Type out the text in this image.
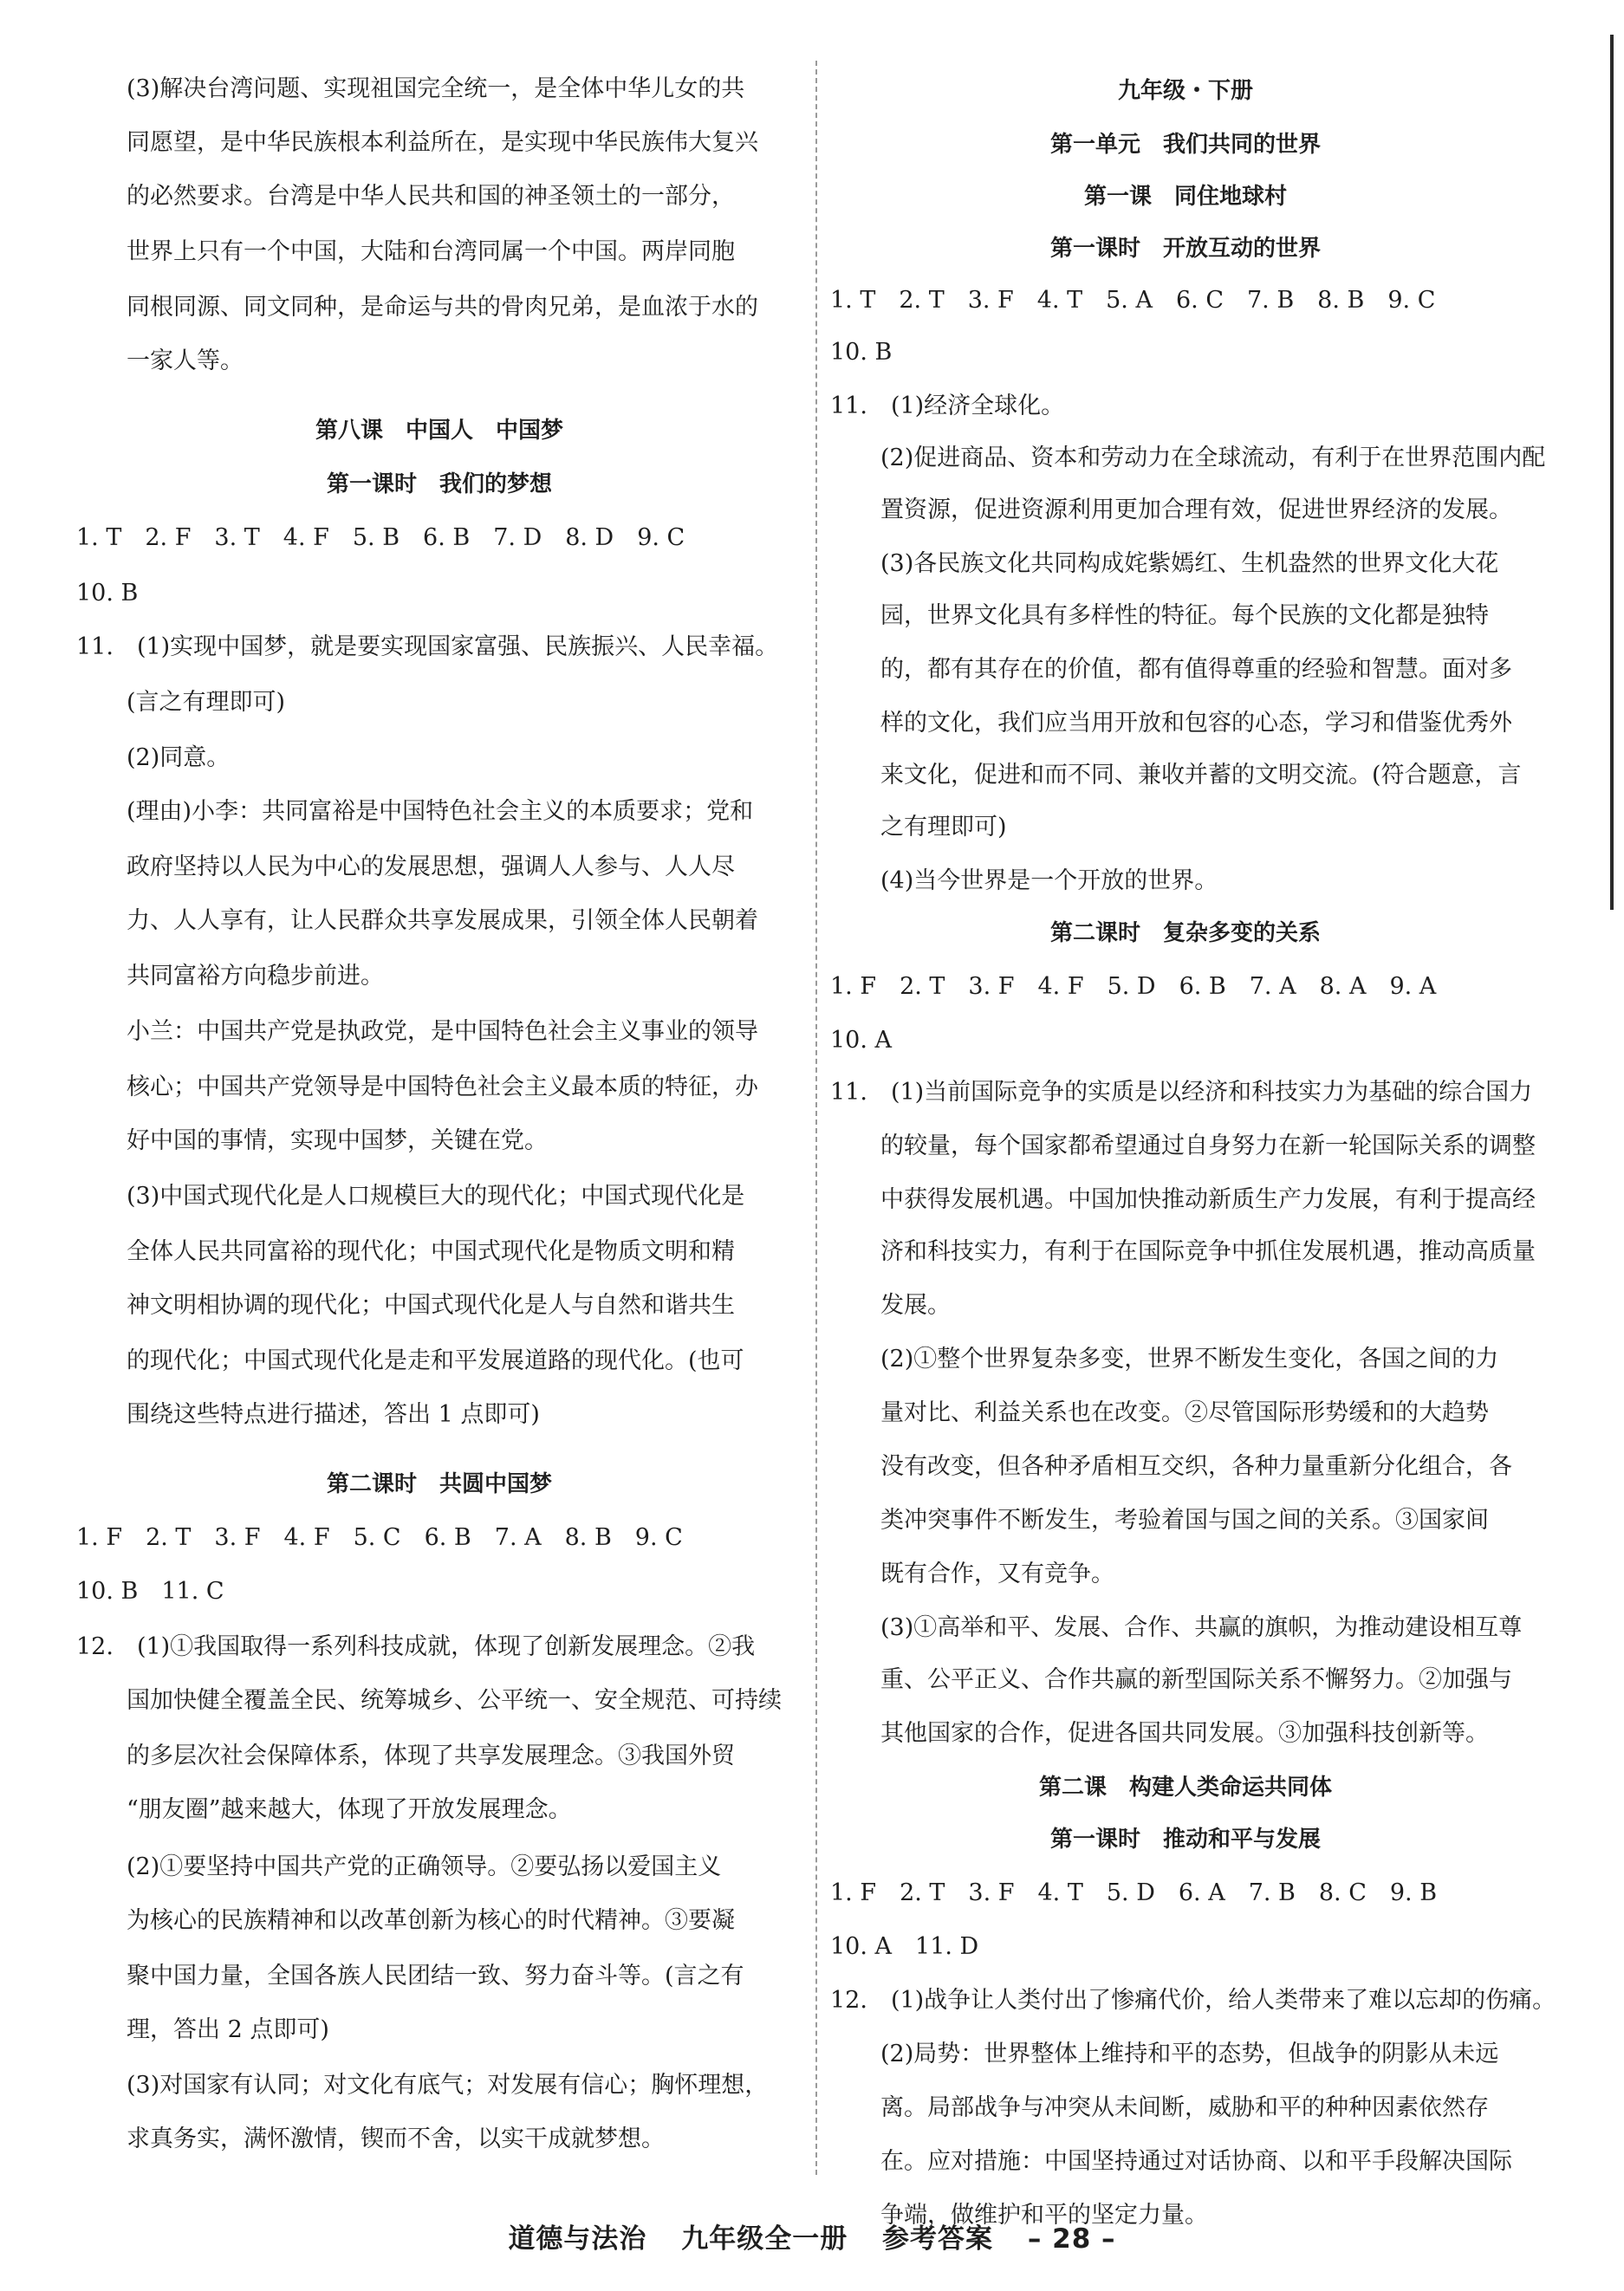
(3)解决台湾问题、实现祖国完全统一，是全体中华儿女的共
同愿望，是中华民族根本利益所在，是实现中华民族伟大复兴
的必然要求。台湾是中华人民共和国的神圣领土的一部分，
世界上只有一个中国，大陆和台湾同属一个中国。两岸同胞
同根同源、同文同种，是命运与共的骨肉兄弟，是血浓于水的
一家人等。
第八课　中国人　中国梦
第一课时　我们的梦想
1. T　2. F　3. T　4. F　5. B　6. B　7. D　8. D　9. C
10. B
11.　(1)实现中国梦，就是要实现国家富强、民族振兴、人民幸福。
(言之有理即可)
(2)同意。
(理由)小李：共同富裕是中国特色社会主义的本质要求；党和
政府坚持以人民为中心的发展思想，强调人人参与、人人尽
力、人人享有，让人民群众共享发展成果，引领全体人民朝着
共同富裕方向稳步前进。
小兰：中国共产党是执政党，是中国特色社会主义事业的领导
核心；中国共产党领导是中国特色社会主义最本质的特征，办
好中国的事情，实现中国梦，关键在党。
(3)中国式现代化是人口规模巨大的现代化；中国式现代化是
全体人民共同富裕的现代化；中国式现代化是物质文明和精
神文明相协调的现代化；中国式现代化是人与自然和谐共生
的现代化；中国式现代化是走和平发展道路的现代化。(也可
围绕这些特点进行描述，答出 1 点即可)
第二课时　共圆中国梦
1. F　2. T　3. F　4. F　5. C　6. B　7. A　8. B　9. C
10. B　11. C
12.　(1)①我国取得一系列科技成就，体现了创新发展理念。②我
国加快健全覆盖全民、统筹城乡、公平统一、安全规范、可持续
的多层次社会保障体系，体现了共享发展理念。③我国外贸
“朋友圈”越来越大，体现了开放发展理念。
(2)①要坚持中国共产党的正确领导。②要弘扬以爱国主义
为核心的民族精神和以改革创新为核心的时代精神。③要凝
聚中国力量，全国各族人民团结一致、努力奋斗等。(言之有
理，答出 2 点即可)
(3)对国家有认同；对文化有底气；对发展有信心；胸怀理想，
求真务实，满怀激情，锲而不舍，以实干成就梦想。
九年级・下册
第一单元　我们共同的世界
第一课　同住地球村
第一课时　开放互动的世界
1. T　2. T　3. F　4. T　5. A　6. C　7. B　8. B　9. C
10. B
11.　(1)经济全球化。
(2)促进商品、资本和劳动力在全球流动，有利于在世界范围内配
置资源，促进资源利用更加合理有效，促进世界经济的发展。
(3)各民族文化共同构成姹紫嫣红、生机盎然的世界文化大花
园，世界文化具有多样性的特征。每个民族的文化都是独特
的，都有其存在的价值，都有值得尊重的经验和智慧。面对多
样的文化，我们应当用开放和包容的心态，学习和借鉴优秀外
来文化，促进和而不同、兼收并蓄的文明交流。(符合题意，言
之有理即可)
(4)当今世界是一个开放的世界。
第二课时　复杂多变的关系
1. F　2. T　3. F　4. F　5. D　6. B　7. A　8. A　9. A
10. A
11.　(1)当前国际竞争的实质是以经济和科技实力为基础的综合国力
的较量，每个国家都希望通过自身努力在新一轮国际关系的调整
中获得发展机遇。中国加快推动新质生产力发展，有利于提高经
济和科技实力，有利于在国际竞争中抓住发展机遇，推动高质量
发展。
(2)①整个世界复杂多变，世界不断发生变化，各国之间的力
量对比、利益关系也在改变。②尽管国际形势缓和的大趋势
没有改变，但各种矛盾相互交织，各种力量重新分化组合，各
类冲突事件不断发生，考验着国与国之间的关系。③国家间
既有合作，又有竞争。
(3)①高举和平、发展、合作、共赢的旗帜，为推动建设相互尊
重、公平正义、合作共赢的新型国际关系不懈努力。②加强与
其他国家的合作，促进各国共同发展。③加强科技创新等。
第二课　构建人类命运共同体
第一课时　推动和平与发展
1. F　2. T　3. F　4. T　5. D　6. A　7. B　8. C　9. B
10. A　11. D
12.　(1)战争让人类付出了惨痛代价，给人类带来了难以忘却的伤痛。
(2)局势：世界整体上维持和平的态势，但战争的阴影从未远
离。局部战争与冲突从未间断，威胁和平的种种因素依然存
在。应对措施：中国坚持通过对话协商、以和平手段解决国际
争端，做维护和平的坚定力量。
道德与法治 九年级全一册 参考答案 – 28 –
